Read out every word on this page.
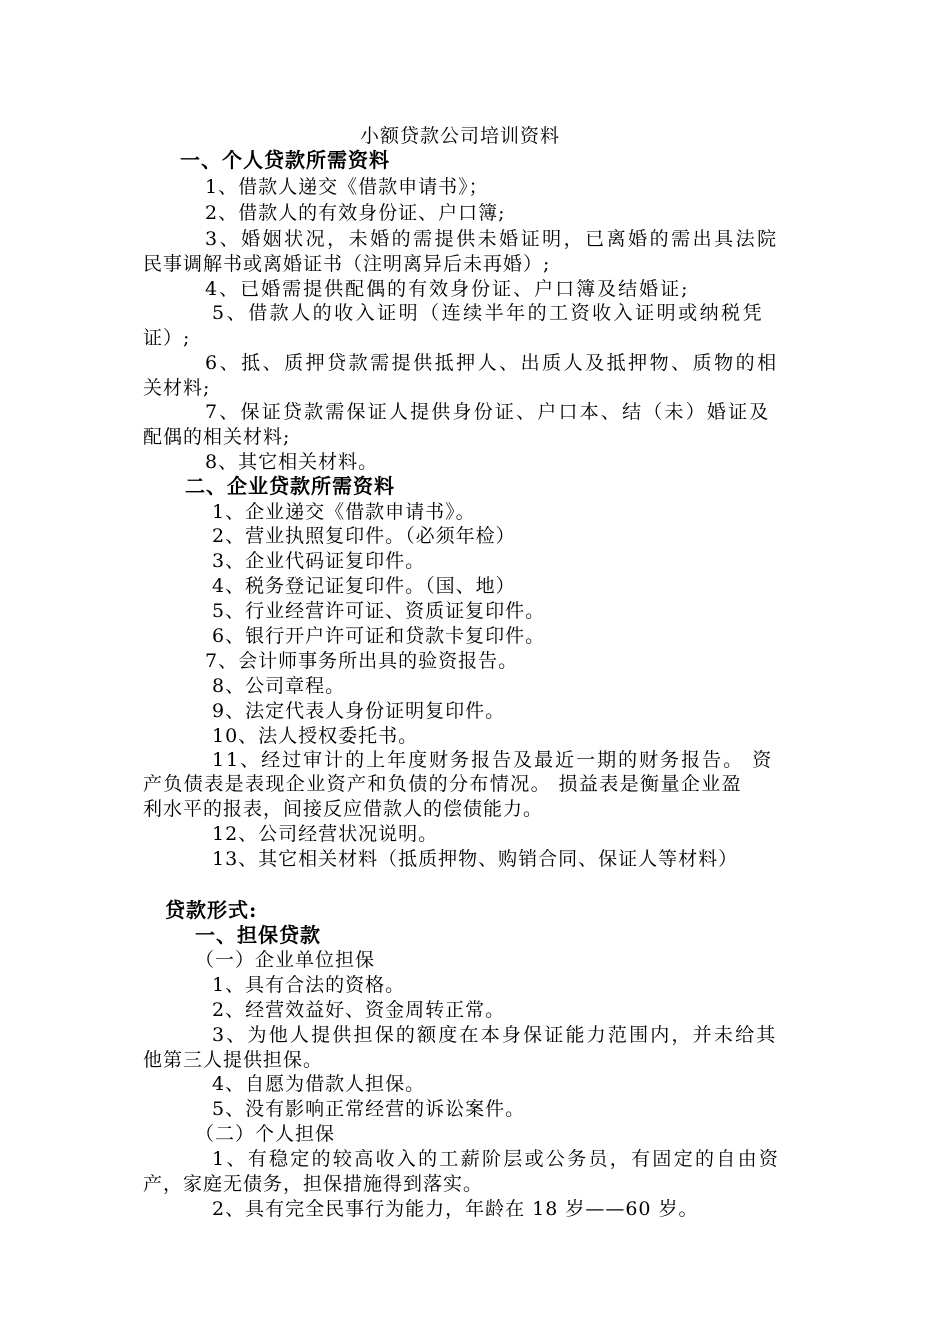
小额贷款公司培训资料
一、个人贷款所需资料
1、借款人递交《借款申请书》；
2、借款人的有效身份证、户口簿;
3、婚姻状况，未婚的需提供未婚证明，已离婚的需出具法院
民事调解书或离婚证书（注明离异后未再婚）;
4、已婚需提供配偶的有效身份证、户口簿及结婚证;
5、借款人的收入证明（连续半年的工资收入证明或纳税凭
证）;
6、抵、质押贷款需提供抵押人、出质人及抵押物、质物的相
关材料;
7、保证贷款需保证人提供身份证、户口本、结（未）婚证及
配偶的相关材料;
8、其它相关材料。
二、企业贷款所需资料
1、企业递交《借款申请书》。
2、营业执照复印件。（必须年检）
3、企业代码证复印件。
4、税务登记证复印件。（国、地）
5、行业经营许可证、资质证复印件。
6、银行开户许可证和贷款卡复印件。
7、会计师事务所出具的验资报告。
8、公司章程。
9、法定代表人身份证明复印件。
10、法人授权委托书。
11、经过审计的上年度财务报告及最近一期的财务报告。 资
产负债表是表现企业资产和负债的分布情况。 损益表是衡量企业盈
利水平的报表，间接反应借款人的偿债能力。
12、公司经营状况说明。
13、其它相关材料（抵质押物、购销合同、保证人等材料）
贷款形式:
一、担保贷款
（一）企业单位担保
1、具有合法的资格。
2、经营效益好、资金周转正常。
3、为他人提供担保的额度在本身保证能力范围内，并未给其
他第三人提供担保。
4、自愿为借款人担保。
5、没有影响正常经营的诉讼案件。
（二）个人担保
1、有稳定的较高收入的工薪阶层或公务员，有固定的自由资
产，家庭无债务，担保措施得到落实。
2、具有完全民事行为能力，年龄在 18 岁——60 岁。
